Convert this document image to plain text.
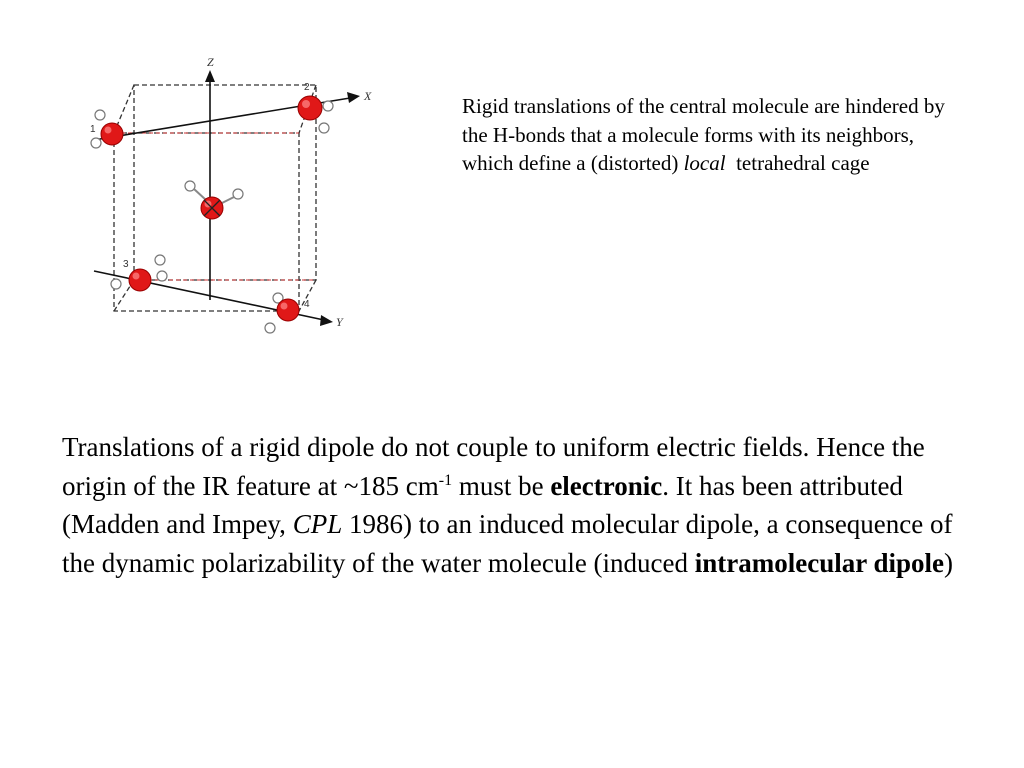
Z
X
Y
1
2
3
4

Rigid translations of the central molecule are hindered by the H-bonds that a molecule forms with its neighbors, which define a (distorted) local tetrahedral cage

Translations of a rigid dipole do not couple to uniform electric fields. Hence the origin of the IR feature at ~185 $cm^{-1}$ must be electronic. It has been attributed (Madden and Impey, CPL 1986) to an induced molecular dipole, a consequence of the dynamic polarizability of the water molecule (induced intramolecular dipole)
